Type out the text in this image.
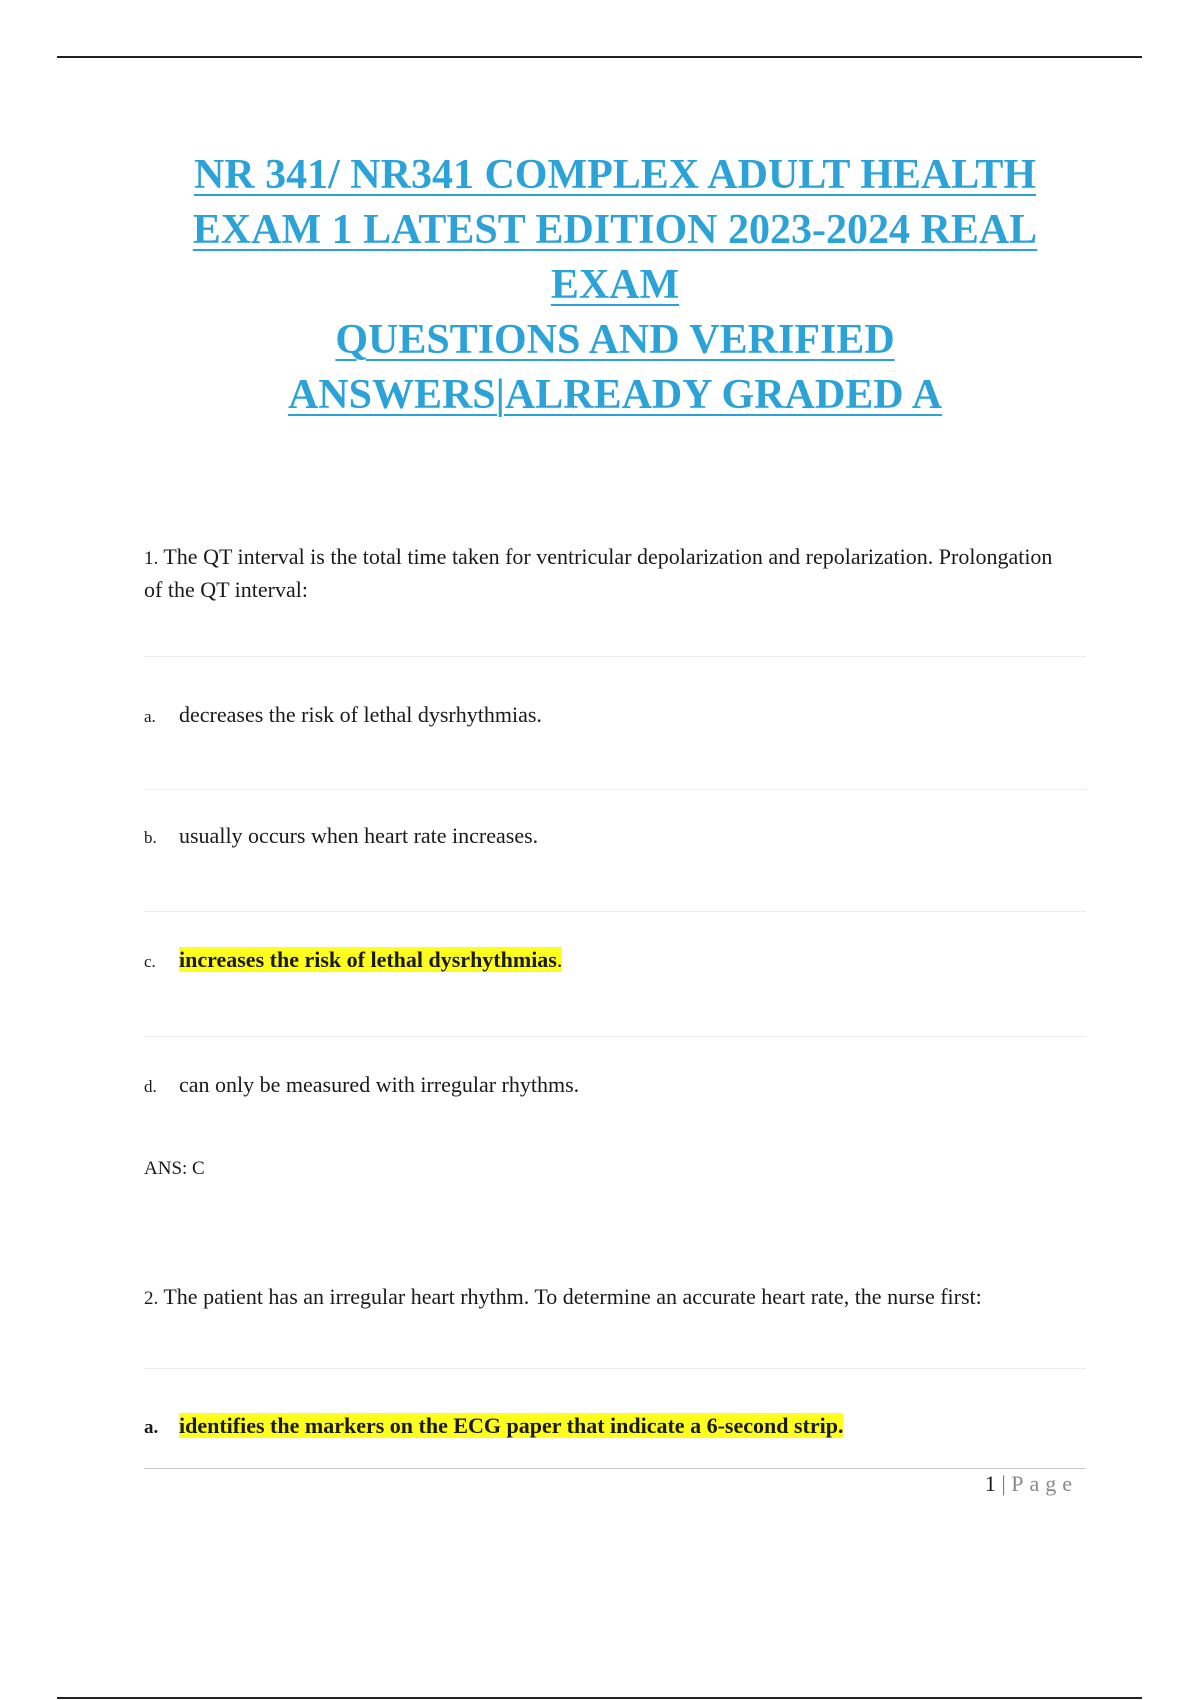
NR 341/ NR341 COMPLEX ADULT HEALTH
EXAM 1 LATEST EDITION 2023-2024 REAL
EXAM
QUESTIONS AND VERIFIED
ANSWERS|ALREADY GRADED A
1. The QT interval is the total time taken for ventricular depolarization and repolarization. Prolongation of the QT interval:
a. decreases the risk of lethal dysrhythmias.
b. usually occurs when heart rate increases.
c. increases the risk of lethal dysrhythmias.
d. can only be measured with irregular rhythms.
ANS: C
2. The patient has an irregular heart rhythm. To determine an accurate heart rate, the nurse first:
a. identifies the markers on the ECG paper that indicate a 6-second strip.
1 | Page
